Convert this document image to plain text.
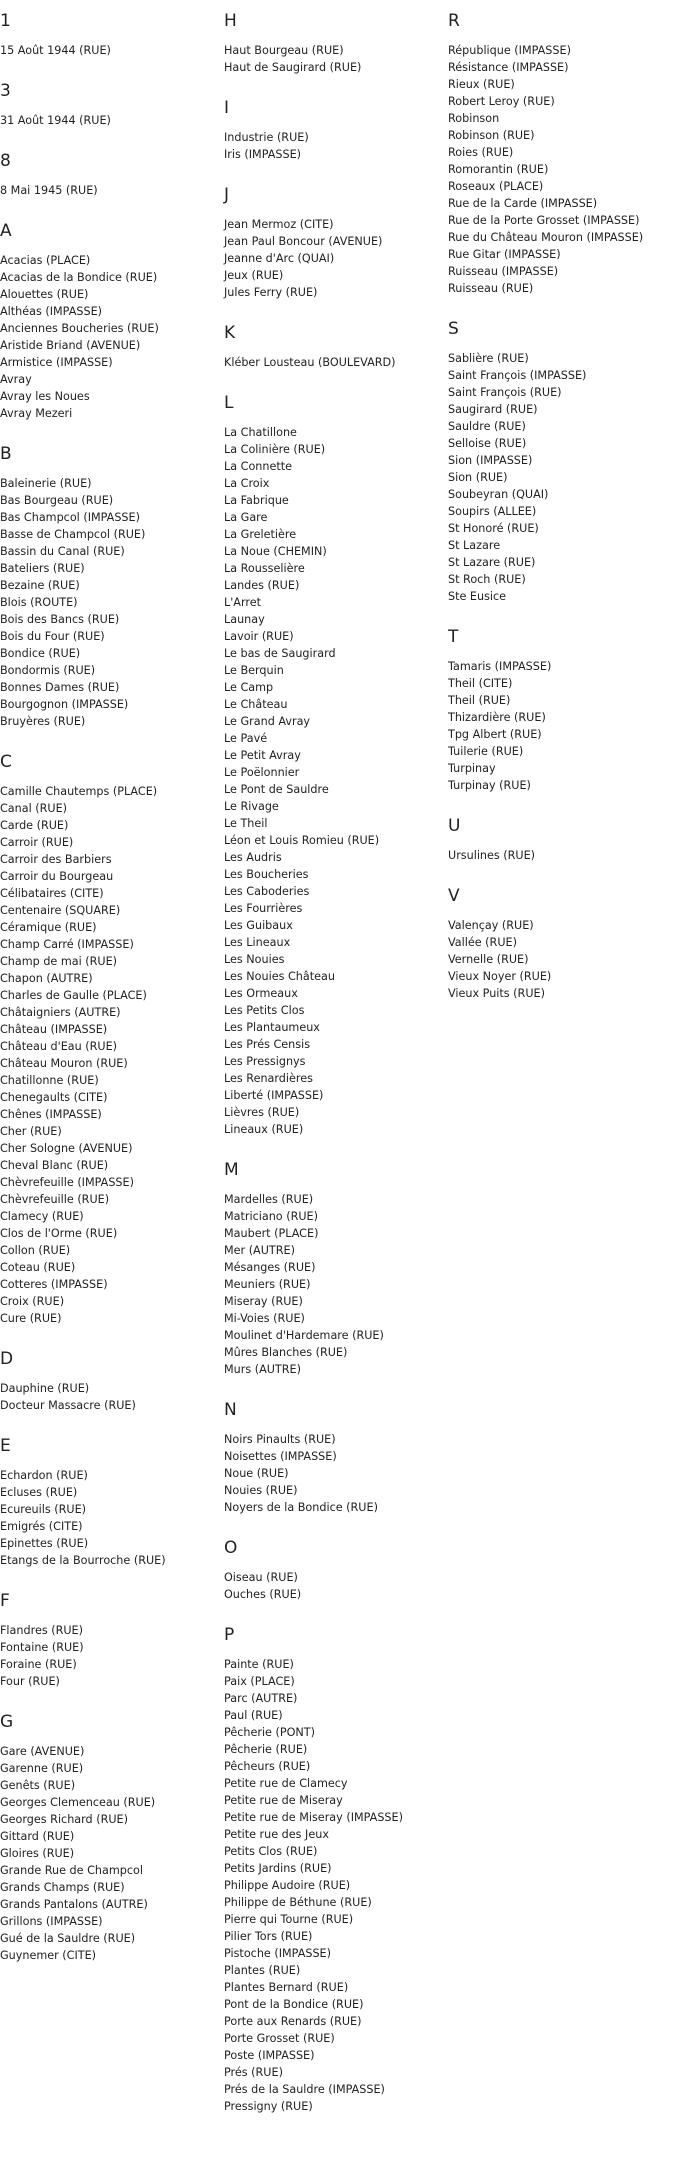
1
15 Août 1944 (RUE)
3
31 Août 1944 (RUE)
8
8 Mai 1945 (RUE)
A
Acacias (PLACE)
Acacias de la Bondice (RUE)
Alouettes (RUE)
Althéas (IMPASSE)
Anciennes Boucheries (RUE)
Aristide Briand (AVENUE)
Armistice (IMPASSE)
Avray
Avray les Noues
Avray Mezeri
B
Baleinerie (RUE)
Bas Bourgeau (RUE)
Bas Champcol (IMPASSE)
Basse de Champcol (RUE)
Bassin du Canal (RUE)
Bateliers (RUE)
Bezaine (RUE)
Blois (ROUTE)
Bois des Bancs (RUE)
Bois du Four (RUE)
Bondice (RUE)
Bondormis (RUE)
Bonnes Dames (RUE)
Bourgognon (IMPASSE)
Bruyères (RUE)
C
Camille Chautemps (PLACE)
Canal (RUE)
Carde (RUE)
Carroir (RUE)
Carroir des Barbiers
Carroir du Bourgeau
Célibataires (CITE)
Centenaire (SQUARE)
Céramique (RUE)
Champ Carré (IMPASSE)
Champ de mai (RUE)
Chapon (AUTRE)
Charles de Gaulle (PLACE)
Châtaigniers (AUTRE)
Château (IMPASSE)
Château d'Eau (RUE)
Château Mouron (RUE)
Chatillonne (RUE)
Chenegaults (CITE)
Chênes (IMPASSE)
Cher (RUE)
Cher Sologne (AVENUE)
Cheval Blanc (RUE)
Chèvrefeuille (IMPASSE)
Chèvrefeuille (RUE)
Clamecy (RUE)
Clos de l'Orme (RUE)
Collon (RUE)
Coteau (RUE)
Cotteres (IMPASSE)
Croix (RUE)
Cure (RUE)
D
Dauphine (RUE)
Docteur Massacre (RUE)
E
Echardon (RUE)
Ecluses (RUE)
Ecureuils (RUE)
Emigrés (CITE)
Epinettes (RUE)
Etangs de la Bourroche (RUE)
F
Flandres (RUE)
Fontaine (RUE)
Foraine (RUE)
Four (RUE)
G
Gare (AVENUE)
Garenne (RUE)
Genêts (RUE)
Georges Clemenceau (RUE)
Georges Richard (RUE)
Gittard (RUE)
Gloires (RUE)
Grande Rue de Champcol
Grands Champs (RUE)
Grands Pantalons (AUTRE)
Grillons (IMPASSE)
Gué de la Sauldre (RUE)
Guynemer (CITE)
H
Haut Bourgeau (RUE)
Haut de Saugirard (RUE)
I
Industrie (RUE)
Iris (IMPASSE)
J
Jean Mermoz (CITE)
Jean Paul Boncour (AVENUE)
Jeanne d'Arc (QUAI)
Jeux (RUE)
Jules Ferry (RUE)
K
Kléber Lousteau (BOULEVARD)
L
La Chatillone
La Colinière (RUE)
La Connette
La Croix
La Fabrique
La Gare
La Greletière
La Noue (CHEMIN)
La Rousselière
Landes (RUE)
L'Arret
Launay
Lavoir (RUE)
Le bas de Saugirard
Le Berquin
Le Camp
Le Château
Le Grand Avray
Le Pavé
Le Petit Avray
Le Poëlonnier
Le Pont de Sauldre
Le Rivage
Le Theil
Léon et Louis Romieu (RUE)
Les Audris
Les Boucheries
Les Caboderies
Les Fourrières
Les Guibaux
Les Lineaux
Les Nouies
Les Nouies Château
Les Ormeaux
Les Petits Clos
Les Plantaumeux
Les Prés Censis
Les Pressignys
Les Renardières
Liberté (IMPASSE)
Lièvres (RUE)
Lineaux (RUE)
M
Mardelles (RUE)
Matriciano (RUE)
Maubert (PLACE)
Mer (AUTRE)
Mésanges (RUE)
Meuniers (RUE)
Miseray (RUE)
Mi-Voies (RUE)
Moulinet d'Hardemare (RUE)
Mûres Blanches (RUE)
Murs (AUTRE)
N
Noirs Pinaults (RUE)
Noisettes (IMPASSE)
Noue (RUE)
Nouies (RUE)
Noyers de la Bondice (RUE)
O
Oiseau (RUE)
Ouches (RUE)
P
Painte (RUE)
Paix (PLACE)
Parc (AUTRE)
Paul (RUE)
Pêcherie (PONT)
Pêcherie (RUE)
Pêcheurs (RUE)
Petite rue de Clamecy
Petite rue de Miseray
Petite rue de Miseray (IMPASSE)
Petite rue des Jeux
Petits Clos (RUE)
Petits Jardins (RUE)
Philippe Audoire (RUE)
Philippe de Béthune (RUE)
Pierre qui Tourne (RUE)
Pilier Tors (RUE)
Pistoche (IMPASSE)
Plantes (RUE)
Plantes Bernard (RUE)
Pont de la Bondice (RUE)
Porte aux Renards (RUE)
Porte Grosset (RUE)
Poste (IMPASSE)
Prés (RUE)
Prés de la Sauldre (IMPASSE)
Pressigny (RUE)
R
République (IMPASSE)
Résistance (IMPASSE)
Rieux (RUE)
Robert Leroy (RUE)
Robinson
Robinson (RUE)
Roies (RUE)
Romorantin (RUE)
Roseaux (PLACE)
Rue de la Carde (IMPASSE)
Rue de la Porte Grosset (IMPASSE)
Rue du Château Mouron (IMPASSE)
Rue Gitar (IMPASSE)
Ruisseau (IMPASSE)
Ruisseau (RUE)
S
Sablière (RUE)
Saint François (IMPASSE)
Saint François (RUE)
Saugirard (RUE)
Sauldre (RUE)
Selloise (RUE)
Sion (IMPASSE)
Sion (RUE)
Soubeyran (QUAI)
Soupirs (ALLEE)
St Honoré (RUE)
St Lazare
St Lazare (RUE)
St Roch (RUE)
Ste Eusice
T
Tamaris (IMPASSE)
Theil (CITE)
Theil (RUE)
Thizardière (RUE)
Tpg Albert (RUE)
Tuilerie (RUE)
Turpinay
Turpinay (RUE)
U
Ursulines (RUE)
V
Valençay (RUE)
Vallée (RUE)
Vernelle (RUE)
Vieux Noyer (RUE)
Vieux Puits (RUE)
